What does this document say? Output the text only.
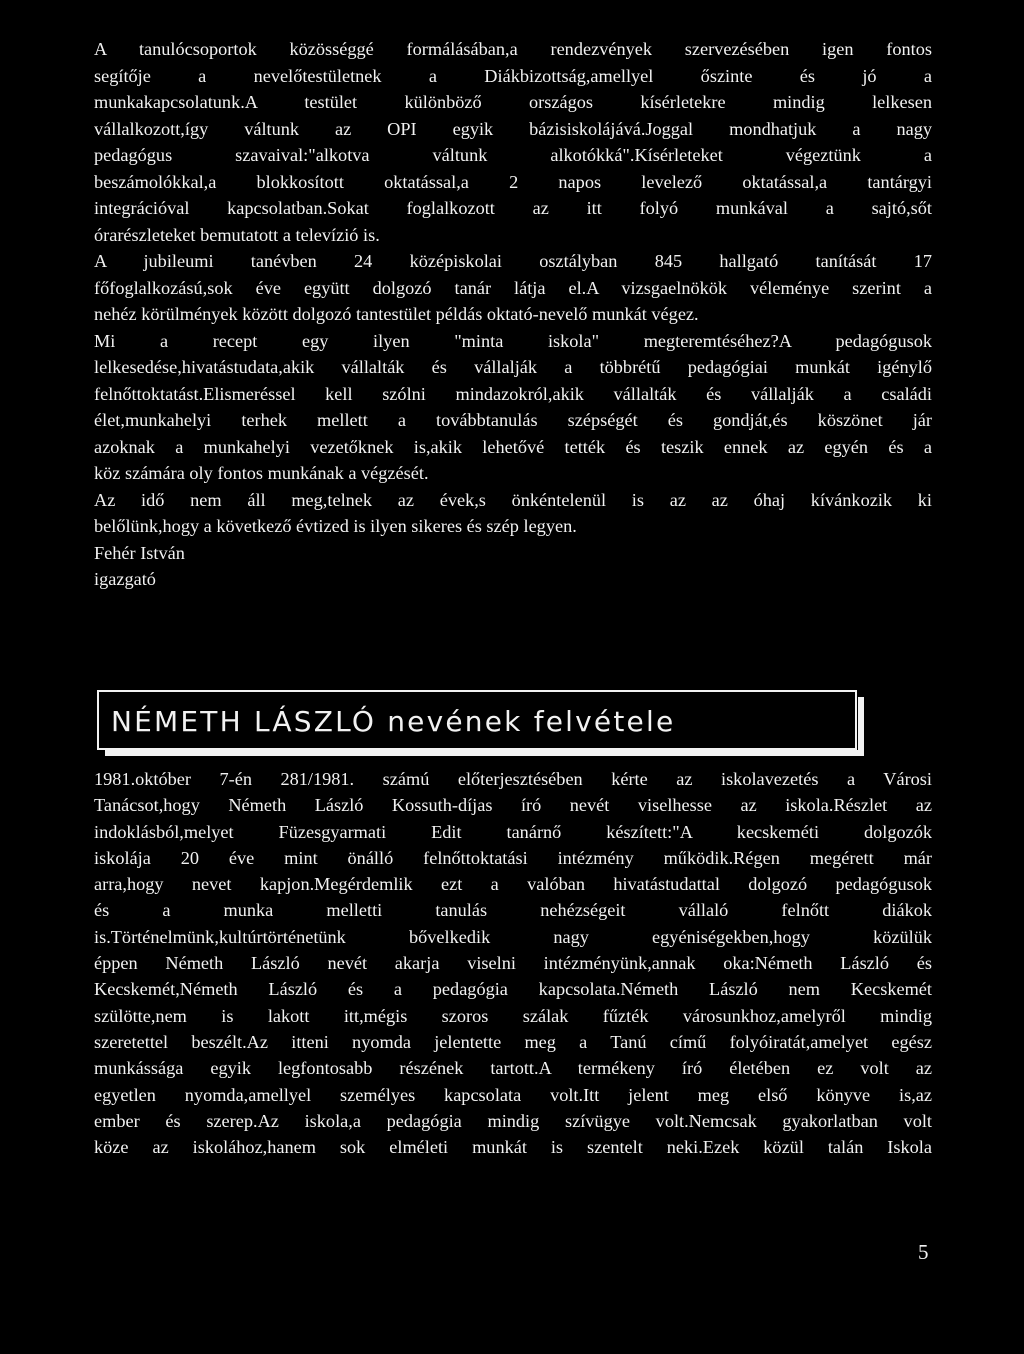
A tanulócsoportok közösséggé formálásában,a rendezvények szervezésében igen fontos
segítője a nevelőtestületnek a Diákbizottság,amellyel őszinte és jó a
munkakapcsolatunk.A testület különböző országos kísérletekre mindig lelkesen
vállalkozott,így váltunk az OPI egyik bázisiskolájává.Joggal mondhatjuk a nagy
pedagógus szavaival:"alkotva váltunk alkotókká".Kísérleteket végeztünk a
beszámolókkal,a blokkosított oktatással,a 2 napos levelező oktatással,a tantárgyi
integrációval kapcsolatban.Sokat foglalkozott az itt folyó munkával a sajtó,sőt
órarészleteket bemutatott a televízió is.
A jubileumi tanévben 24 középiskolai osztályban 845 hallgató tanítását 17
főfoglalkozású,sok éve együtt dolgozó tanár látja el.A vizsgaelnökök véleménye szerint a
nehéz körülmények között dolgozó tantestület példás oktató-nevelő munkát végez.
Mi a recept egy ilyen "minta iskola" megteremtéséhez?A pedagógusok
lelkesedése,hivatástudata,akik vállalták és vállalják a többrétű pedagógiai munkát igénylő
felnőttoktatást.Elismeréssel kell szólni mindazokról,akik vállalták és vállalják a családi
élet,munkahelyi terhek mellett a továbbtanulás szépségét és gondját,és köszönet jár
azoknak a munkahelyi vezetőknek is,akik lehetővé tették és teszik ennek az egyén és a
köz számára oly fontos munkának a végzését.
Az idő nem áll meg,telnek az évek,s önkéntelenül is az az óhaj kívánkozik ki
belőlünk,hogy a következő évtized is ilyen sikeres és szép legyen.
Fehér István
igazgató
NÉMETH LÁSZLÓ nevének felvétele
1981.október 7-én 281/1981. számú előterjesztésében kérte az iskolavezetés a Városi
Tanácsot,hogy Németh László Kossuth-díjas író nevét viselhesse az iskola.Részlet az
indoklásból,melyet Füzesgyarmati Edit tanárnő készített:"A kecskeméti dolgozók
iskolája 20 éve mint önálló felnőttoktatási intézmény működik.Régen megérett már
arra,hogy nevet kapjon.Megérdemlik ezt a valóban hivatástudattal dolgozó pedagógusok
és a munka melletti tanulás nehézségeit vállaló felnőtt diákok
is.Történelmünk,kultúrtörténetünk bővelkedik nagy egyéniségekben,hogy közülük
éppen Németh László nevét akarja viselni intézményünk,annak oka:Németh László és
Kecskemét,Németh László és a pedagógia kapcsolata.Németh László nem Kecskemét
szülötte,nem is lakott itt,mégis szoros szálak fűzték városunkhoz,amelyről mindig
szeretettel beszélt.Az itteni nyomda jelentette meg a Tanú című folyóiratát,amelyet egész
munkássága egyik legfontosabb részének tartott.A termékeny író életében ez volt az
egyetlen nyomda,amellyel személyes kapcsolata volt.Itt jelent meg első könyve is,az
ember és szerep.Az iskola,a pedagógia mindig szívügye volt.Nemcsak gyakorlatban volt
köze az iskolához,hanem sok elméleti munkát is szentelt neki.Ezek közül talán Iskola
5
